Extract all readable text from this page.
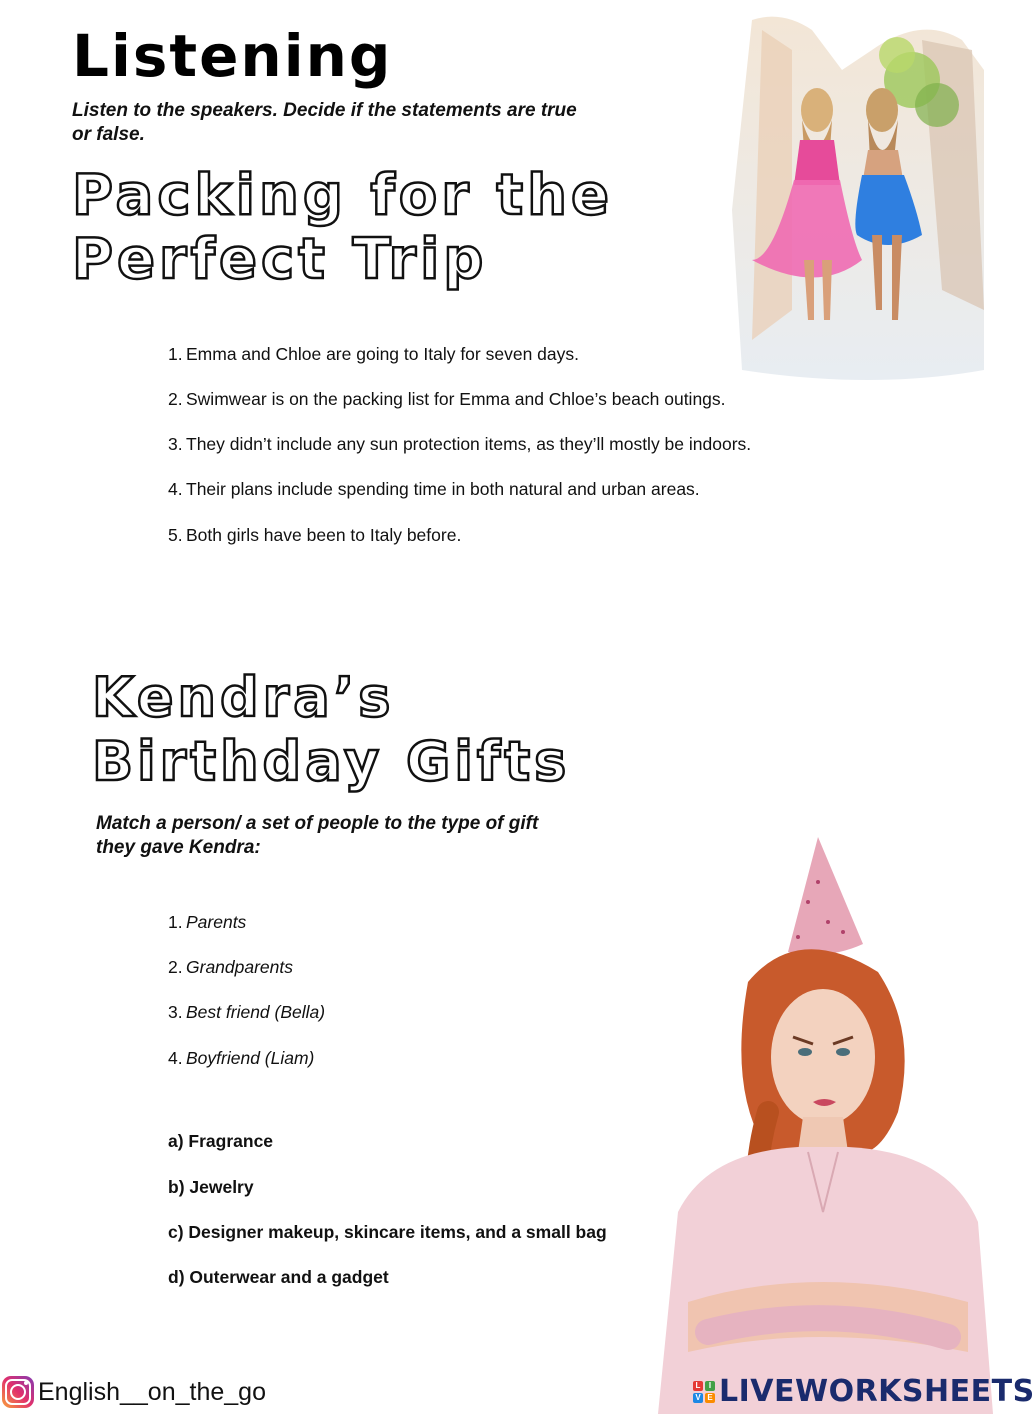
Listening
Listen to the speakers. Decide if the statements are true or false.
Packing for the
Perfect Trip
1. Emma and Chloe are going to Italy for seven days.
2. Swimwear is on the packing list for Emma and Chloe’s beach outings.
3. They didn’t include any sun protection items, as they’ll mostly be indoors.
4. Their plans include spending time in both natural and urban areas.
5. Both girls have been to Italy before.
Kendra’s
Birthday Gifts
Match a person/ a set of people to the type of gift
they gave Kendra:
1. Parents
2. Grandparents
3. Best friend (Bella)
4. Boyfriend (Liam)
a) Fragrance
b) Jewelry
c) Designer makeup, skincare items, and a small bag
d) Outerwear and a gadget
English__on_the_go	L	I
V E LIVEWORKSHEETS
